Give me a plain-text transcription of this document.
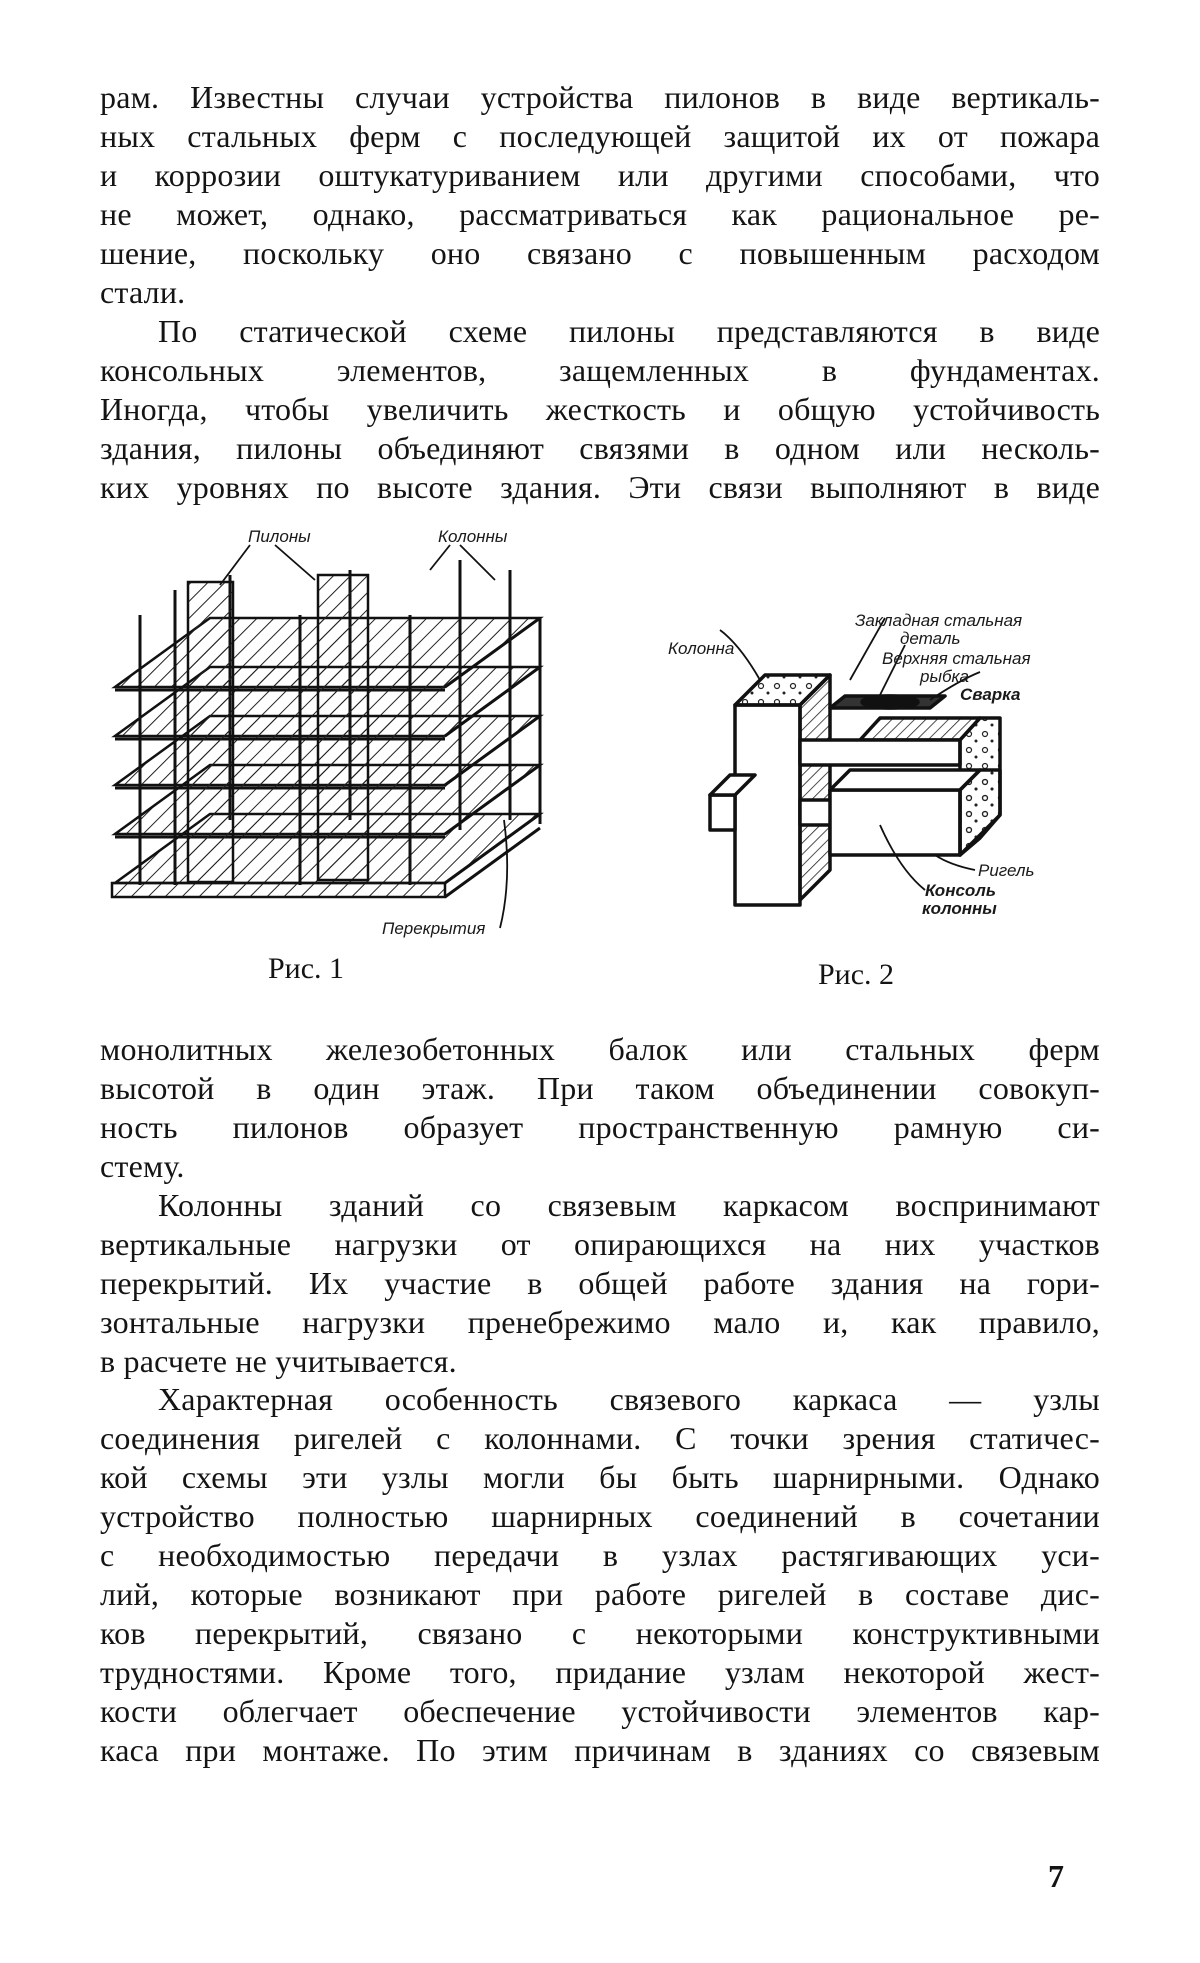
рам. Известны случаи устройства пилонов в виде вертикаль-
ных стальных ферм с последующей защитой их от пожара
и коррозии оштукатуриванием или другими способами, что
не может, однако, рассматриваться как рациональное ре-
шение, поскольку оно связано с повышенным расходом
стали.
По статической схеме пилоны представляются в виде
консольных элементов, защемленных в фундаментах.
Иногда, чтобы увеличить жесткость и общую устойчивость
здания, пилоны объединяют связями в одном или несколь-
ких уровнях по высоте здания. Эти связи выполняют в виде
Пилоны	Колонны
Перекрытия
Рис. 1
Колонна
Закладная стальная
деталь
Верхняя стальная
рыбка
Сварка
Ригель
Консоль
колонны
Рис. 2
монолитных железобетонных балок или стальных ферм
высотой в один этаж. При таком объединении совокуп-
ность пилонов образует пространственную рамную си-
стему.
Колонны зданий со связевым каркасом воспринимают
вертикальные нагрузки от опирающихся на них участков
перекрытий. Их участие в общей работе здания на гори-
зонтальные нагрузки пренебрежимо мало и, как правило,
в расчете не учитывается.
Характерная особенность связевого каркаса — узлы
соединения ригелей с колоннами. С точки зрения статичес-
кой схемы эти узлы могли бы быть шарнирными. Однако
устройство полностью шарнирных соединений в сочетании
с необходимостью передачи в узлах растягивающих уси-
лий, которые возникают при работе ригелей в составе дис-
ков перекрытий, связано с некоторыми конструктивными
трудностями. Кроме того, придание узлам некоторой жест-
кости облегчает обеспечение устойчивости элементов кар-
каса при монтаже. По этим причинам в зданиях со связевым
7
